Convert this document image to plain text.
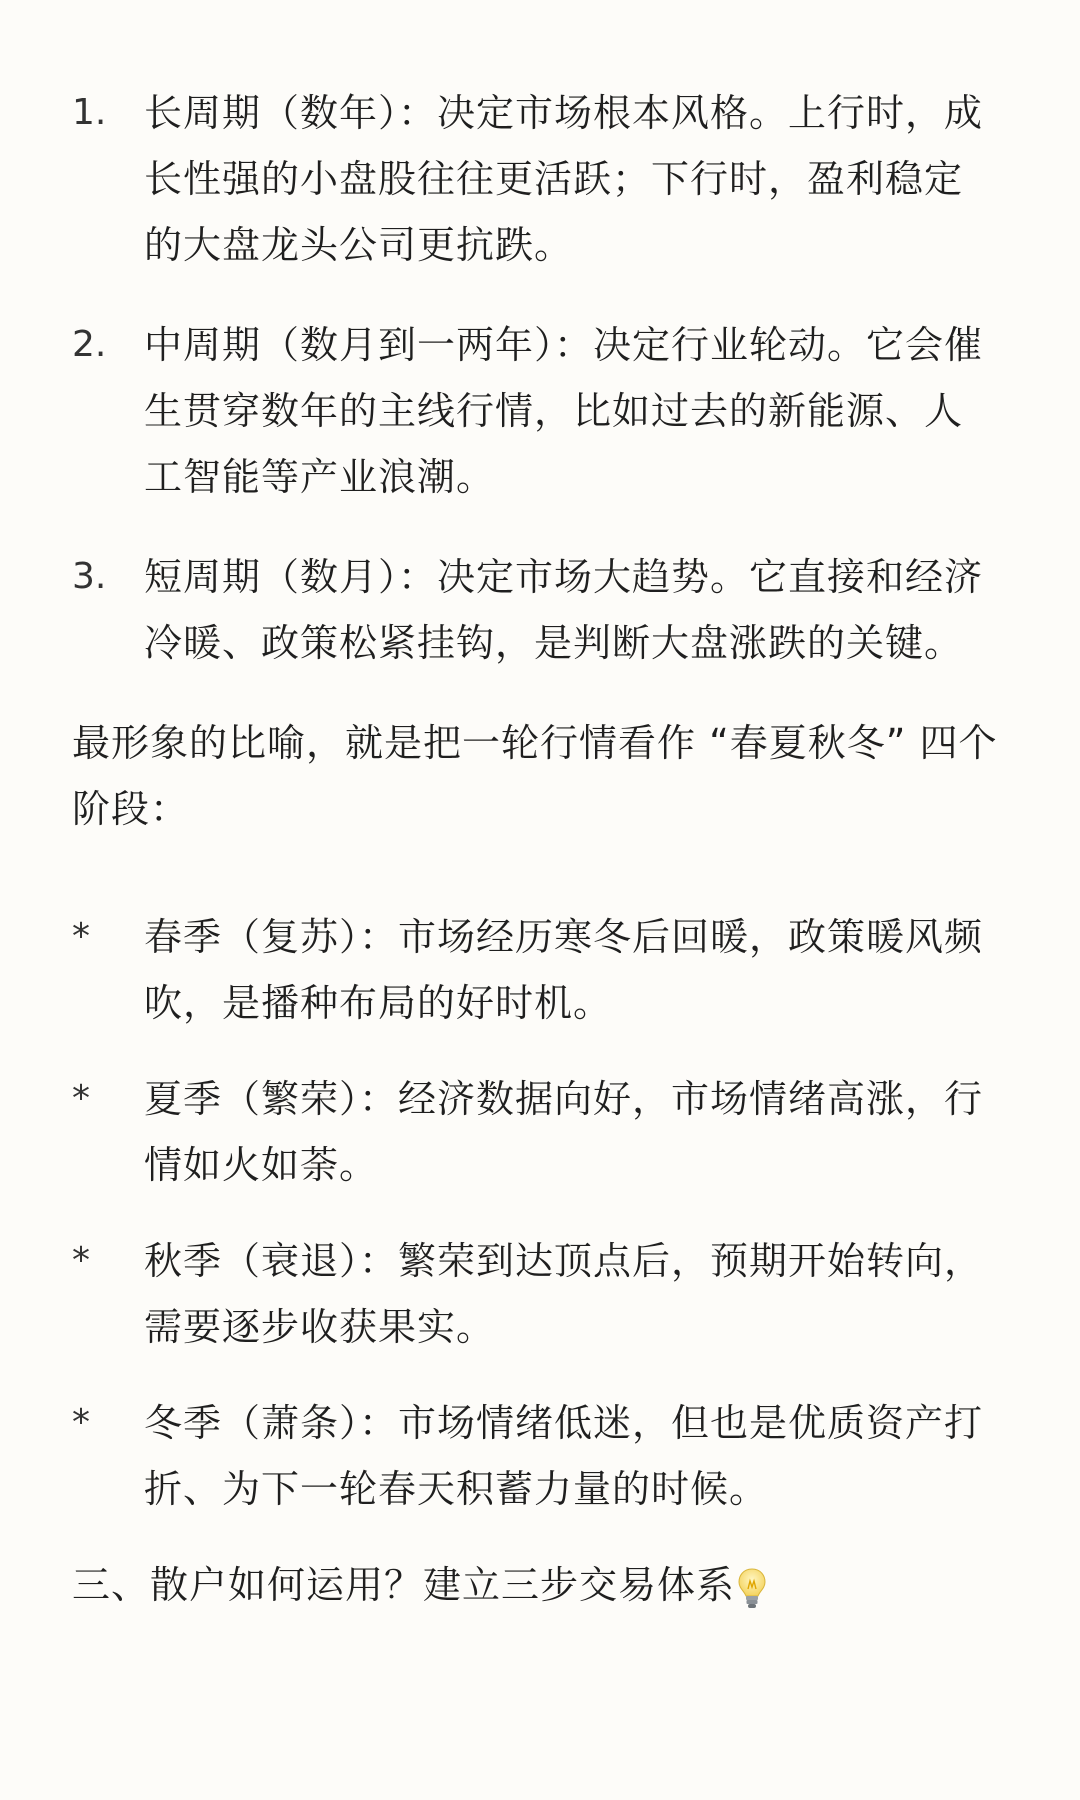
1. 长周期（数年）：决定市场根本风格。上行时，成长性强的小盘股往往更活跃；下行时，盈利稳定的大盘龙头公司更抗跌。
2. 中周期（数月到一两年）：决定行业轮动。它会催生贯穿数年的主线行情，比如过去的新能源、人工智能等产业浪潮。
3. 短周期（数月）：决定市场大趋势。它直接和经济冷暖、政策松紧挂钩，是判断大盘涨跌的关键。

最形象的比喻，就是把一轮行情看作 “春夏秋冬” 四个阶段：

*	春季（复苏）：市场经历寒冬后回暖，政策暖风频吹，是播种布局的好时机。
*	夏季（繁荣）：经济数据向好，市场情绪高涨，行情如火如荼。
*	秋季（衰退）：繁荣到达顶点后，预期开始转向，需要逐步收获果实。
*	冬季（萧条）：市场情绪低迷，但也是优质资产打折、为下一轮春天积蓄力量的时候。
三、散户如何运用？建立三步交易体系
